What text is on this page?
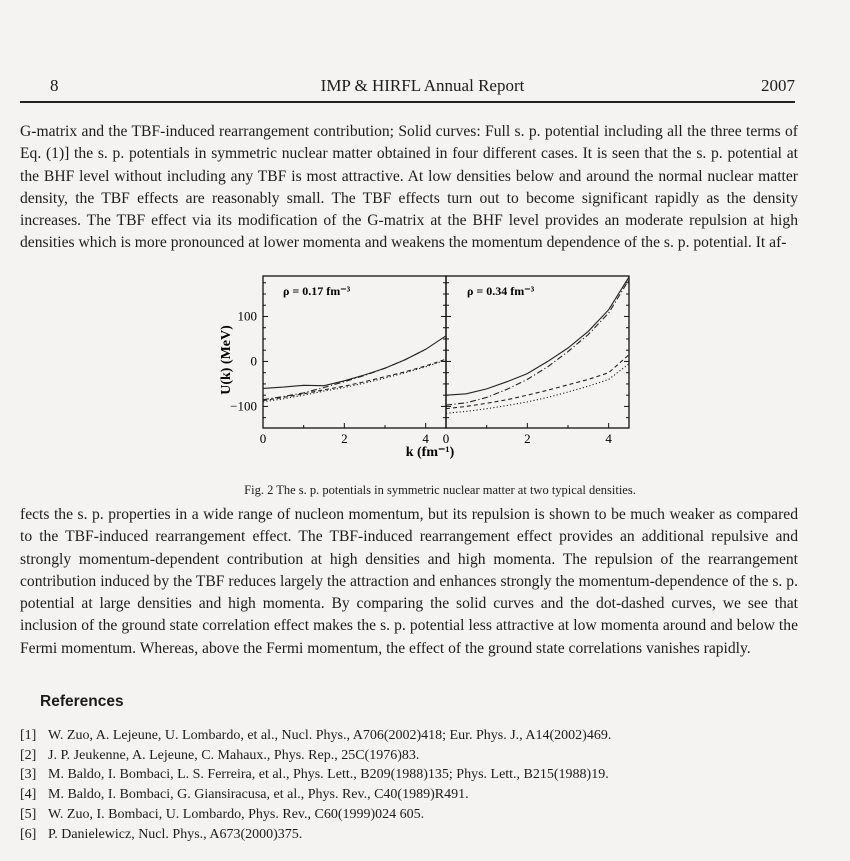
8	IMP & HIRFL Annual Report	2007

G-matrix and the TBF-induced rearrangement contribution; Solid curves: Full s. p. potential including all the three terms of Eq. (1)] the s. p. potentials in symmetric nuclear matter obtained in four different cases. It is seen that the s. p. potential at the BHF level without including any TBF is most attractive. At low densities below and around the normal nuclear matter density, the TBF effects are reasonably small. The TBF effects turn out to become significant rapidly as the density increases. The TBF effect via its modification of the G-matrix at the BHF level provides an moderate repulsion at high densities which is more pronounced at lower momenta and weakens the momentum dependence of the s. p. potential. It af-

0	2	4 0	2	4
100
0
−100
ρ = 0.17 fm⁻³	ρ = 0.34 fm⁻³
k (fm⁻¹)
U(k) (MeV)
Fig. 2 The s. p. potentials in symmetric nuclear matter at two typical densities.

fects the s. p. properties in a wide range of nucleon momentum, but its repulsion is shown to be much weaker as compared to the TBF-induced rearrangement effect. The TBF-induced rearrangement effect provides an additional repulsive and strongly momentum-dependent contribution at high densities and high momenta. The repulsion of the rearrangement contribution induced by the TBF reduces largely the attraction and enhances strongly the momentum-dependence of the s. p. potential at large densities and high momenta. By comparing the solid curves and the dot-dashed curves, we see that inclusion of the ground state correlation effect makes the s. p. potential less attractive at low momenta around and below the Fermi momentum. Whereas, above the Fermi momentum, the effect of the ground state correlations vanishes rapidly.

References
[1] W. Zuo, A. Lejeune, U. Lombardo, et al., Nucl. Phys., A706(2002)418; Eur. Phys. J., A14(2002)469.
[2] J. P. Jeukenne, A. Lejeune, C. Mahaux., Phys. Rep., 25C(1976)83.
[3] M. Baldo, I. Bombaci, L. S. Ferreira, et al., Phys. Lett., B209(1988)135; Phys. Lett., B215(1988)19.
[4] M. Baldo, I. Bombaci, G. Giansiracusa, et al., Phys. Rev., C40(1989)R491.
[5] W. Zuo, I. Bombaci, U. Lombardo, Phys. Rev., C60(1999)024 605.
[6] P. Danielewicz, Nucl. Phys., A673(2000)375.
